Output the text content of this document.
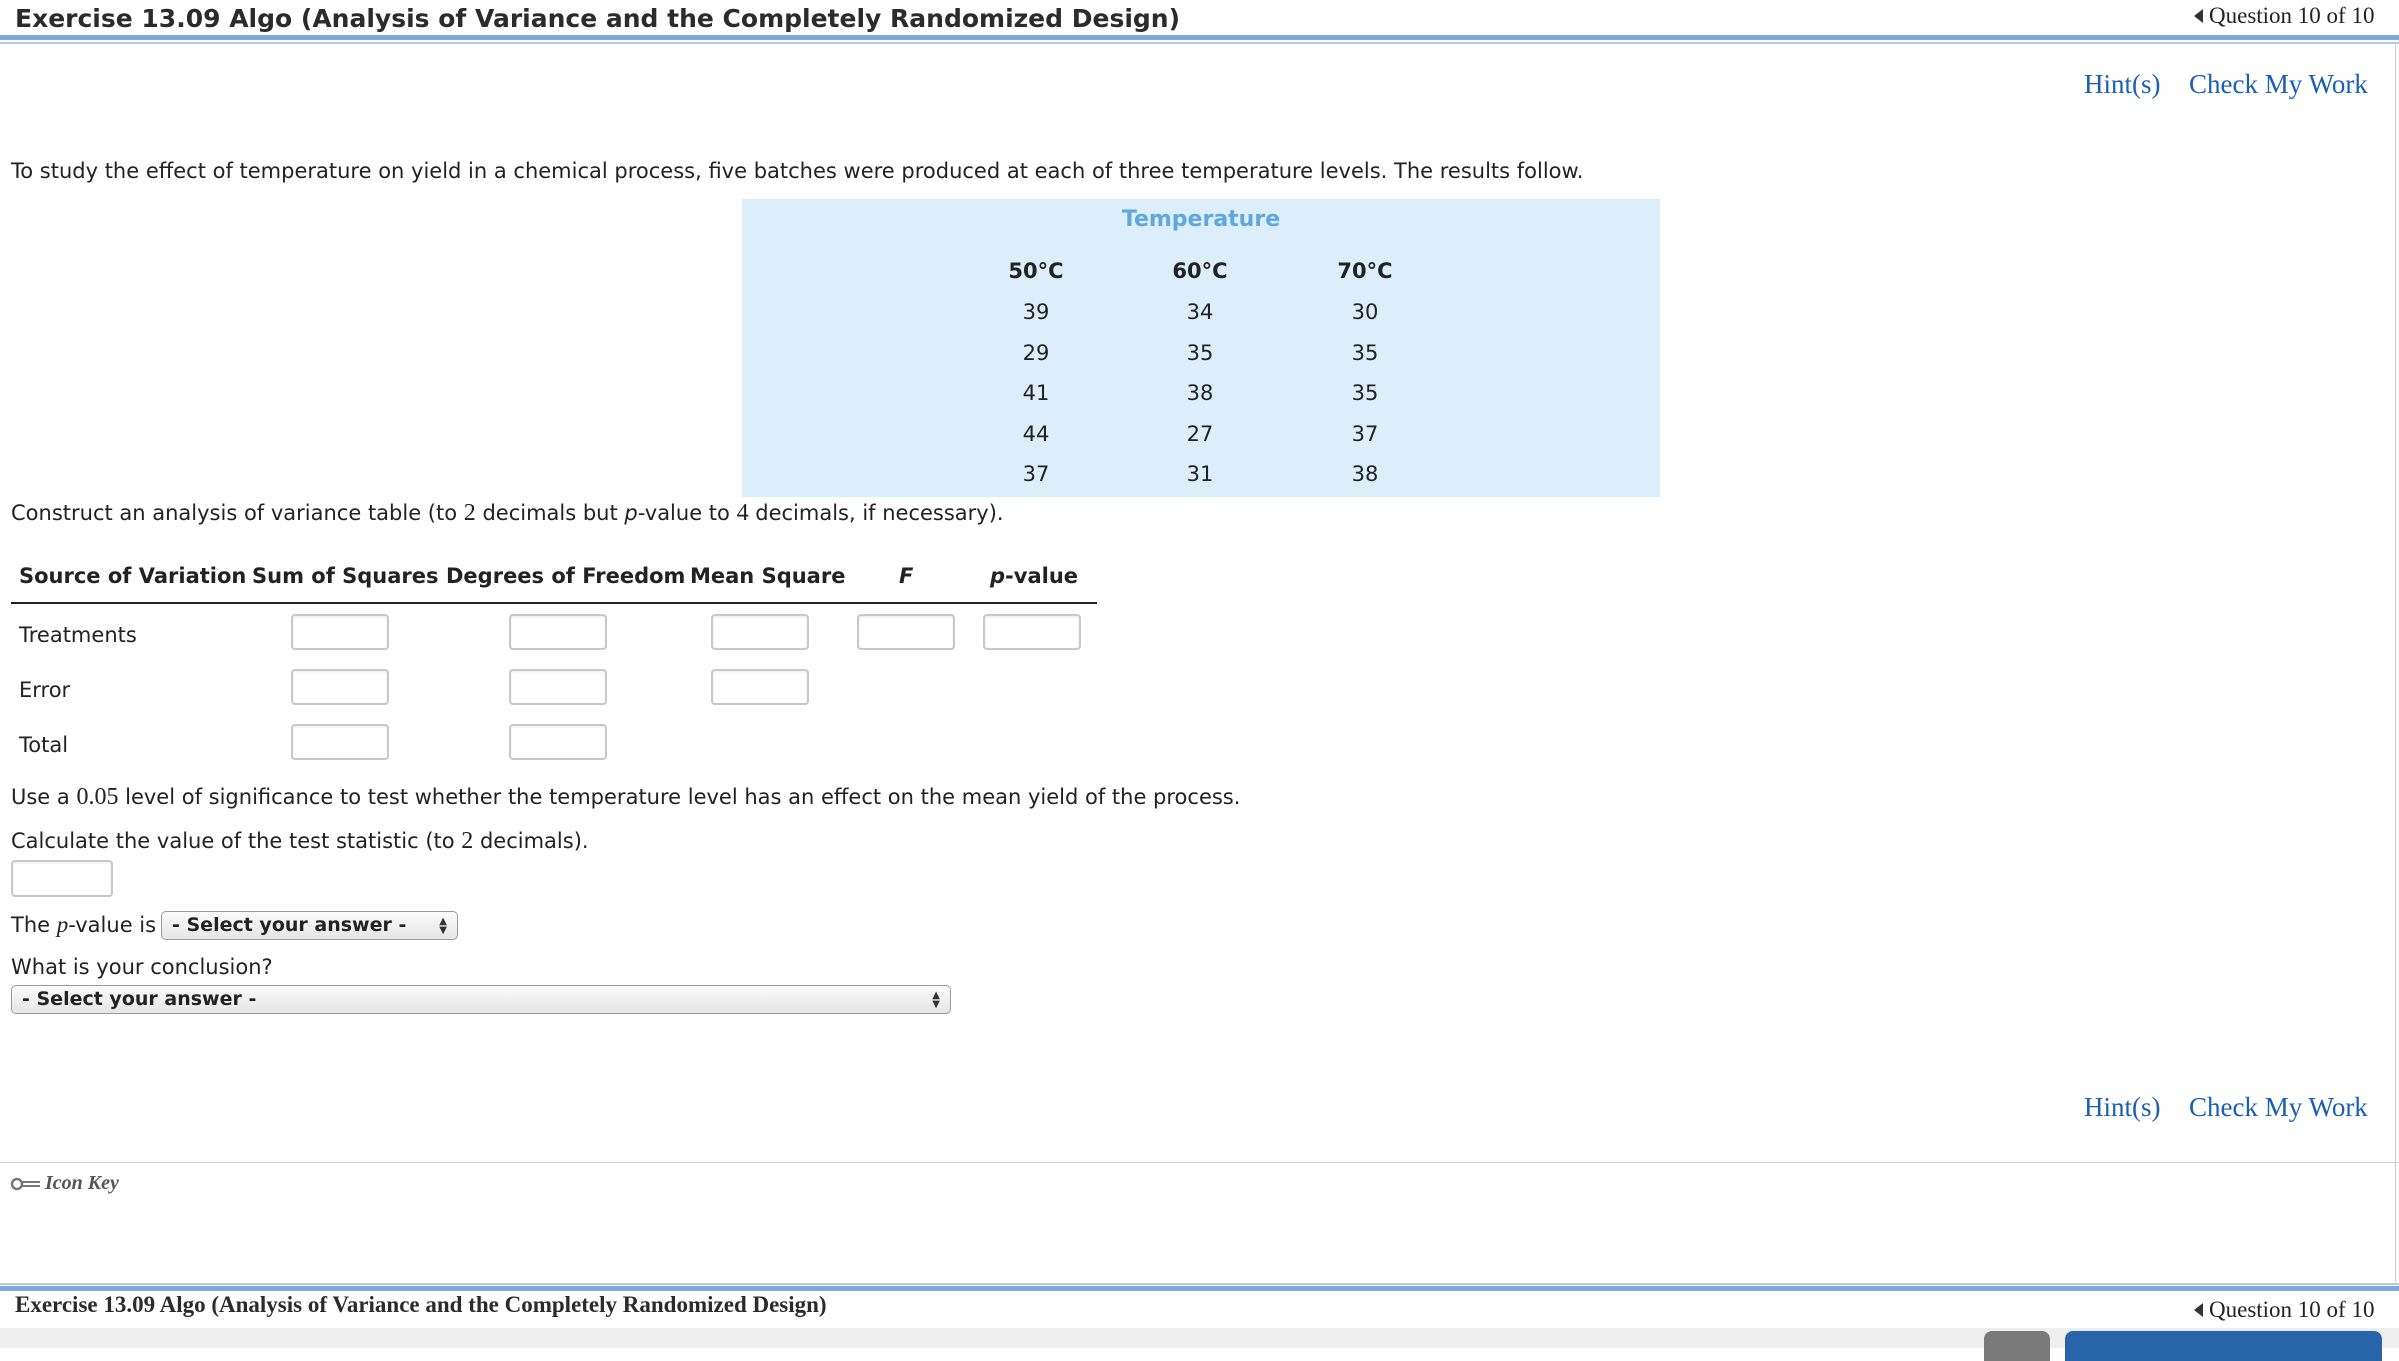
Exercise 13.09 Algo (Analysis of Variance and the Completely Randomized Design)	Question 10 of 10
Hint(s) Check My Work
To study the effect of temperature on yield in a chemical process, five batches were produced at each of three temperature levels. The results follow.
Temperature
50°C	60°C	70°C
39	34	30
29	35	35
41	38	35
44	27	37
37	31	38
Construct an analysis of variance table (to 2 decimals but p-value to 4 decimals, if necessary).
Source of Variation Sum of Squares Degrees of Freedom Mean Square	F	p-value
Treatments
Error
Total
Use a 0.05 level of significance to test whether the temperature level has an effect on the mean yield of the process.
Calculate the value of the test statistic (to 2 decimals).
The p-value is - Select your answer -	▲
▼
What is your conclusion?
- Select your answer -	▲
▼
Hint(s) Check My Work
Icon Key
Exercise 13.09 Algo (Analysis of Variance and the Completely Randomized Design)	Question 10 of 10
